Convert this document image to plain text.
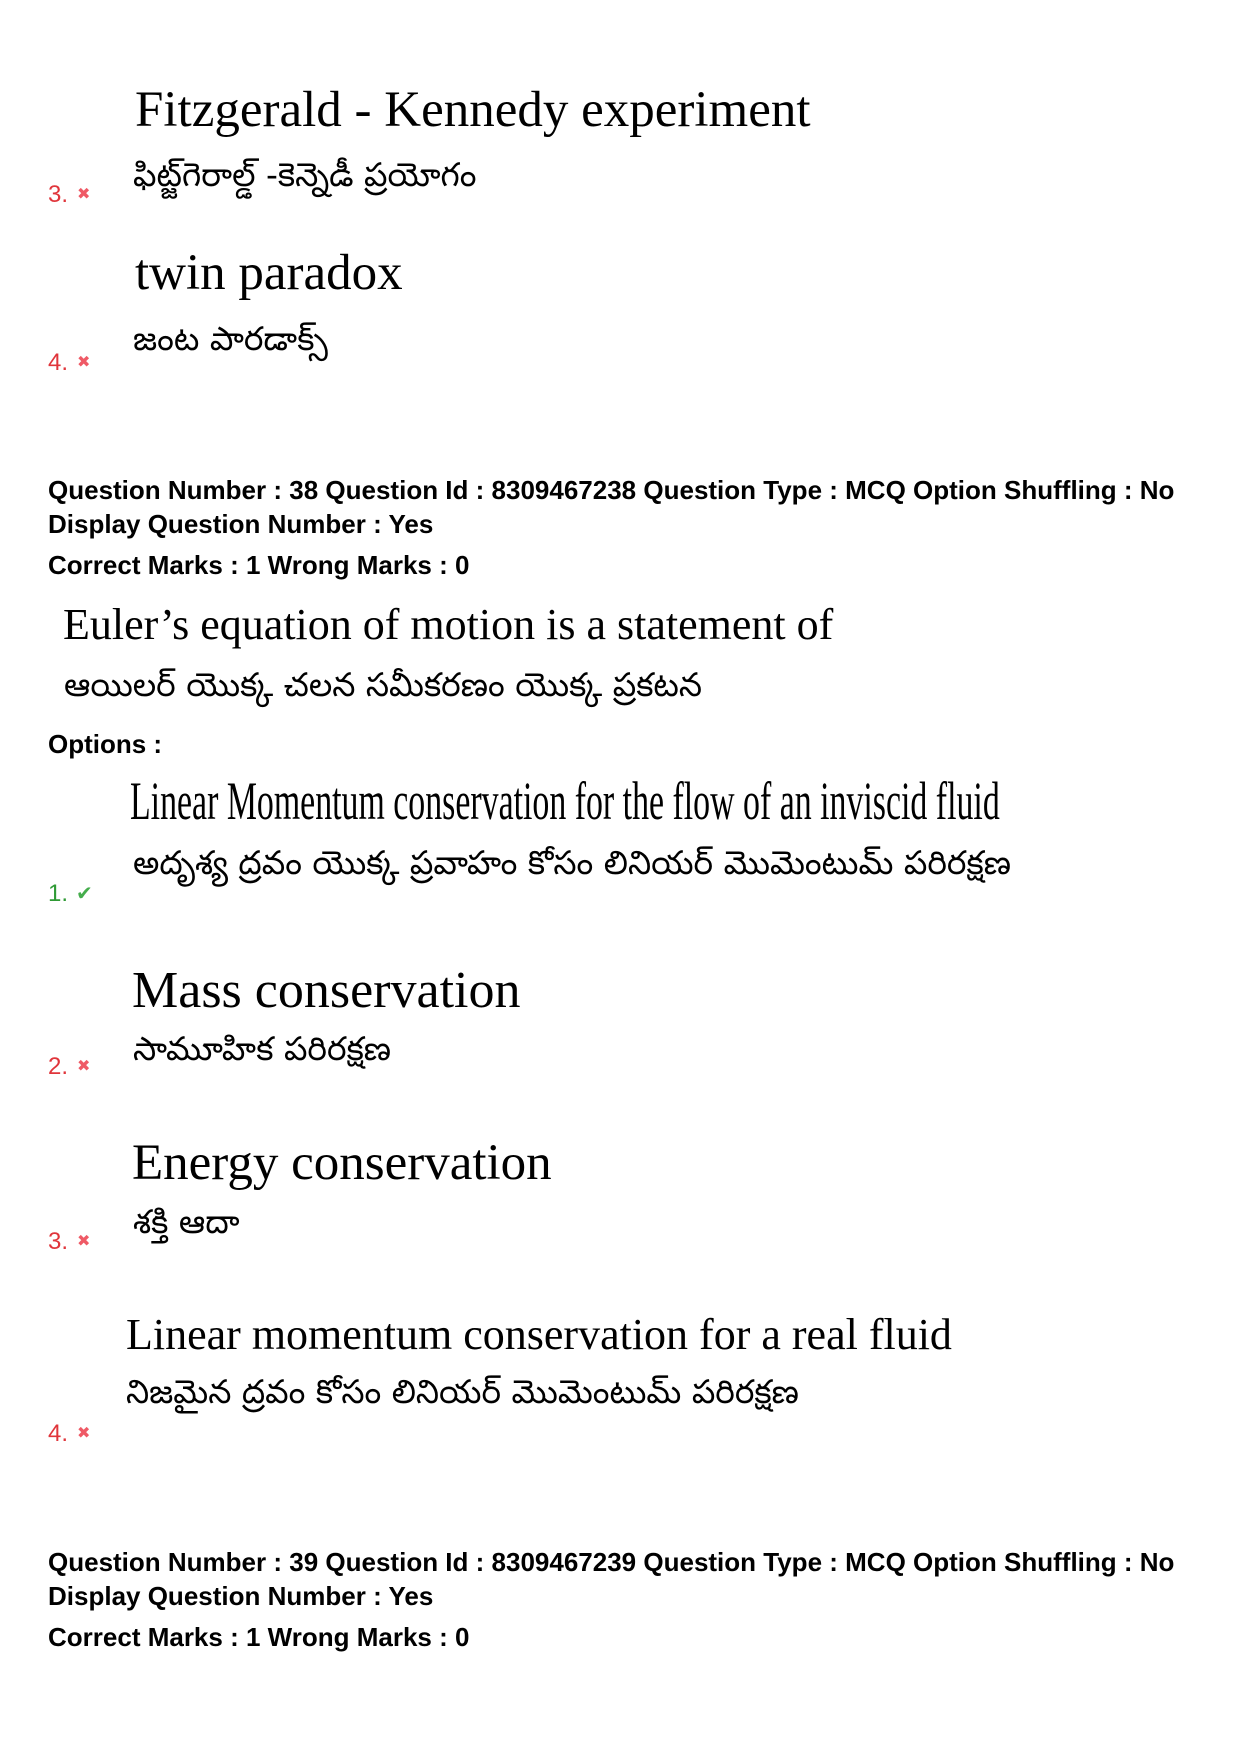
Fitzgerald - Kennedy experiment
ఫిట్జ్‌గెరాల్డ్ -కెన్నెడీ ప్రయోగం
3. ✖
twin paradox
జంట పారడాక్స్
4. ✖
Question Number : 38 Question Id : 8309467238 Question Type : MCQ Option Shuffling : No
Display Question Number : Yes
Correct Marks : 1 Wrong Marks : 0
Euler’s equation of motion is a statement of
ఆయిలర్ యొక్క చలన సమీకరణం యొక్క ప్రకటన
Options :
Linear Momentum conservation for the flow of an inviscid fluid
అదృశ్య ద్రవం యొక్క ప్రవాహం కోసం లినియర్ మొమెంటుమ్ పరిరక్షణ
1. ✔
Mass conservation
సామూహిక పరిరక్షణ
2. ✖
Energy conservation
శక్తి ఆదా
3. ✖
Linear momentum conservation for a real fluid
నిజమైన ద్రవం కోసం లినియర్ మొమెంటుమ్ పరిరక్షణ
4. ✖
Question Number : 39 Question Id : 8309467239 Question Type : MCQ Option Shuffling : No
Display Question Number : Yes
Correct Marks : 1 Wrong Marks : 0
